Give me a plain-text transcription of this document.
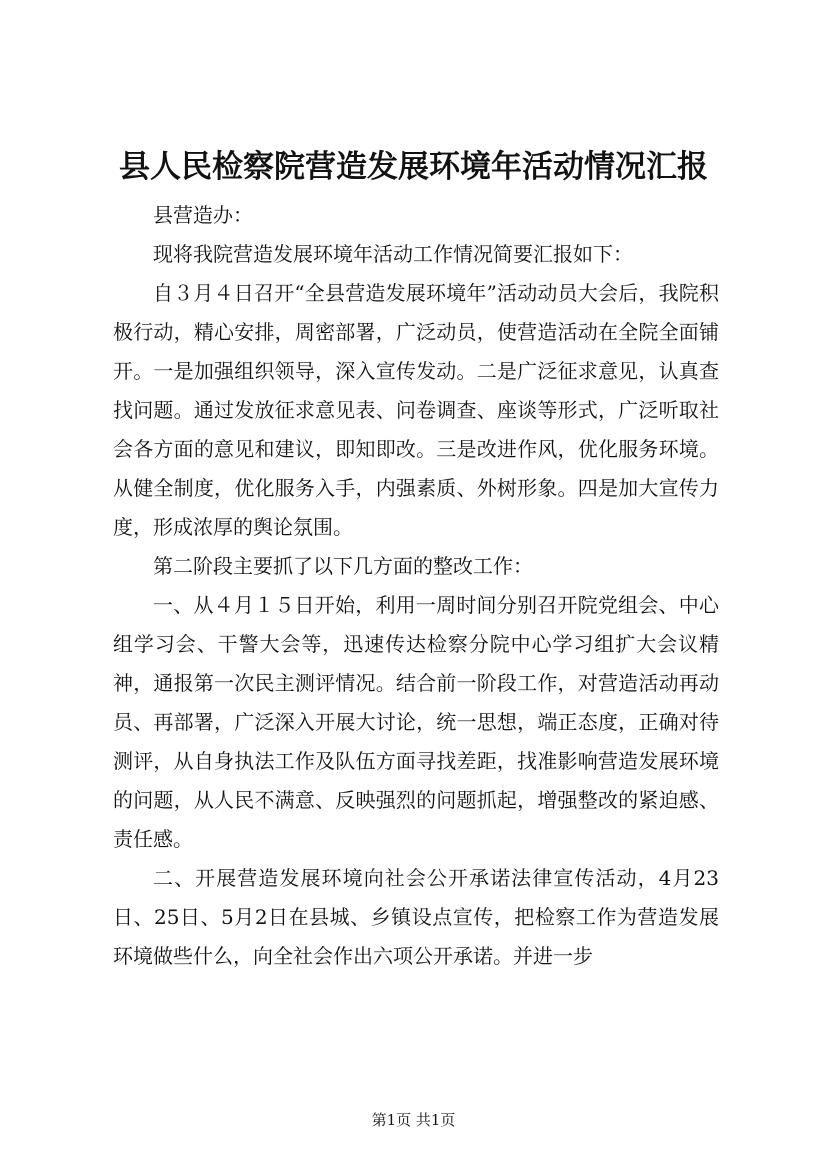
县人民检察院营造发展环境年活动情况汇报

县营造办：

现将我院营造发展环境年活动工作情况简要汇报如下：

自３月４日召开“全县营造发展环境年”活动动员大会后，我院积极行动，精心安排，周密部署，广泛动员，使营造活动在全院全面铺开。一是加强组织领导，深入宣传发动。二是广泛征求意见，认真查找问题。通过发放征求意见表、问卷调查、座谈等形式，广泛听取社会各方面的意见和建议，即知即改。三是改进作风，优化服务环境。从健全制度，优化服务入手，内强素质、外树形象。四是加大宣传力度，形成浓厚的舆论氛围。

第二阶段主要抓了以下几方面的整改工作：

一、从４月１５日开始，利用一周时间分别召开院党组会、中心组学习会、干警大会等，迅速传达检察分院中心学习组扩大会议精神，通报第一次民主测评情况。结合前一阶段工作，对营造活动再动员、再部署，广泛深入开展大讨论，统一思想，端正态度，正确对待测评，从自身执法工作及队伍方面寻找差距，找准影响营造发展环境的问题，从人民不满意、反映强烈的问题抓起，增强整改的紧迫感、责任感。

二、开展营造发展环境向社会公开承诺法律宣传活动，4月23日、25日、5月2日在县城、乡镇设点宣传，把检察工作为营造发展环境做些什么，向全社会作出六项公开承诺。并进一步

第1页 共1页
